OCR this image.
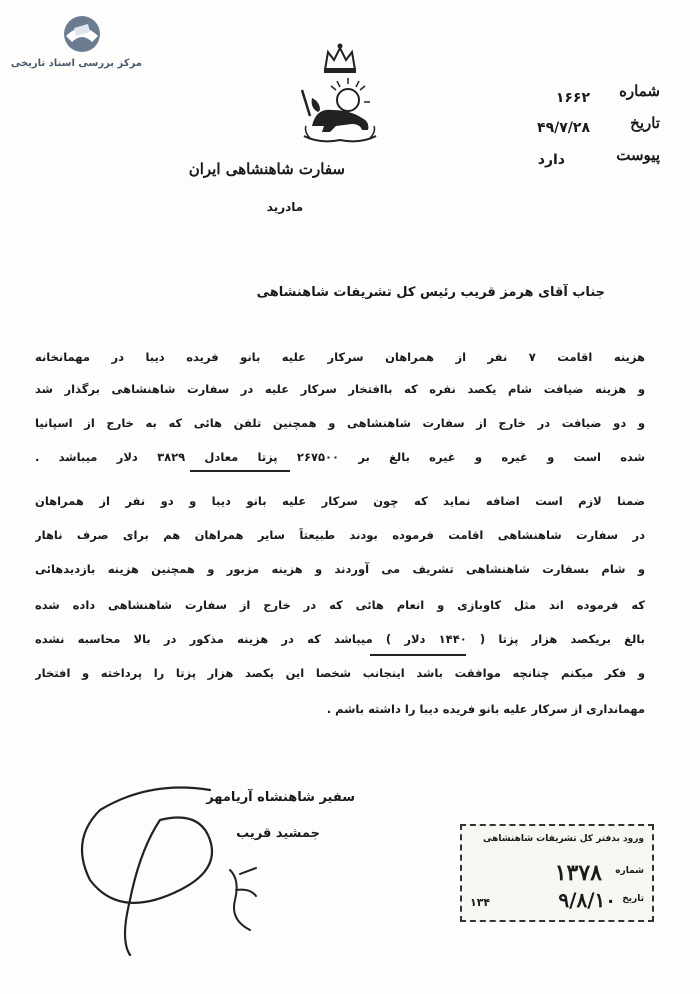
مرکز بررسی اسناد تاریخی
سفارت شاهنشاهی ایران
مادرید
شماره
۱۶۶۲
تاریخ
۴۹/۷/۲۸
پیوست
دارد
جناب آقای هرمز قریب رئیس کل تشریفات شاهنشاهی
هزینه اقامت ۷ نفر از همراهان سرکار علیه بانو فریده دیبا در مهمانخانه
و هزینه ضیافت شام یکصد نفره که باافتخار سرکار علیه در سفارت شاهنشاهی برگذار شد
و دو ضیافت در خارج از سفارت شاهنشاهی و همچنین تلفن هائی که به خارج از اسپانیا
شده است و غیره و غیره بالغ بر ۲۶۷۵۰۰ پزتا معادل ۳۸۲۹ دلار میباشد .
ضمنا لازم است اضافه نماید که چون سرکار علیه بانو دیبا و دو نفر از همراهان
در سفارت شاهنشاهی اقامت فرموده بودند طبیعتاً سایر همراهان هم برای صرف ناهار
و شام بسفارت شاهنشاهی تشریف می آوردند و هزینه مزبور و همچنین هزینه بازدیدهائی
که فرموده اند مثل کاوبازی و انعام هائی که در خارج از سفارت شاهنشاهی داده شده
بالغ بریکصد هزار پزتا ( ۱۴۴۰ دلار ) میباشد که در هزینه مذکور در بالا محاسبه نشده
و فکر میکنم چنانچه موافقت باشد اینجانب شخصا این یکصد هزار پزتا را پرداخته و افتخار
مهمانداری از سرکار علیه بانو فریده دیبا را داشته باشم .
سفیر شاهنشاه آریامهر
جمشید قریب	ورود بدفتر کل تشریفات شاهنشاهی
شماره
۱۳۷۸
تاریخ
۹/۸/۱۰
۱۳۴
